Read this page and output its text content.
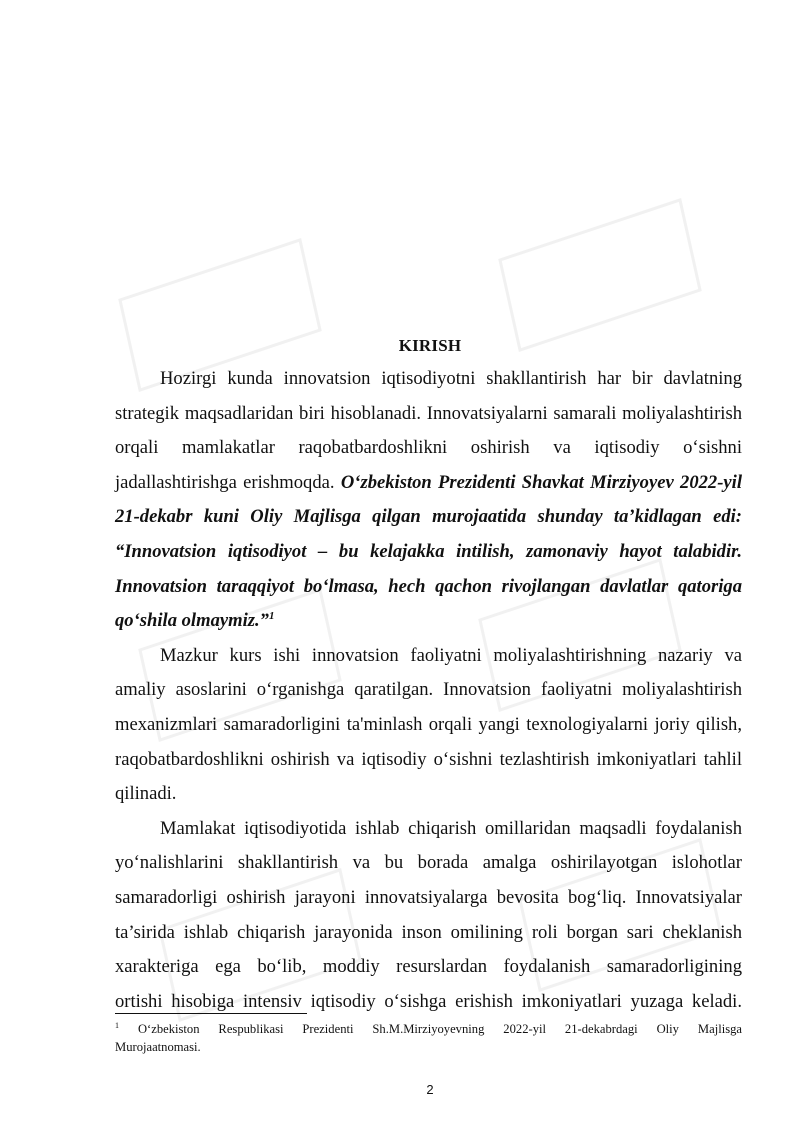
KIRISH
Hozirgi kunda innovatsion iqtisodiyotni shakllantirish har bir davlatning
strategik maqsadlaridan biri hisoblanadi. Innovatsiyalarni samarali moliyalashtirish
orqali mamlakatlar raqobatbardoshlikni oshirish va iqtisodiy o‘sishni
jadallashtirishga erishmoqda. O‘zbekiston Prezidenti Shavkat Mirziyoyev 2022-yil
21-dekabr kuni Oliy Majlisga qilgan murojaatida shunday ta’kidlagan edi:
“Innovatsion iqtisodiyot – bu kelajakka intilish, zamonaviy hayot talabidir.
Innovatsion taraqqiyot bo‘lmasa, hech qachon rivojlangan davlatlar qatoriga
qo‘shila olmaymiz.”$^1$
Mazkur kurs ishi innovatsion faoliyatni moliyalashtirishning nazariy va
amaliy asoslarini o‘rganishga qaratilgan. Innovatsion faoliyatni moliyalashtirish
mexanizmlari samaradorligini ta'minlash orqali yangi texnologiyalarni joriy qilish,
raqobatbardoshlikni oshirish va iqtisodiy o‘sishni tezlashtirish imkoniyatlari tahlil
qilinadi.
Mamlakat iqtisodiyotida ishlab chiqarish omillaridan maqsadli foydalanish
yo‘nalishlarini shakllantirish va bu borada amalga oshirilayotgan islohotlar
samaradorligi oshirish jarayoni innovatsiyalarga bevosita bog‘liq. Innovatsiyalar
ta’sirida ishlab chiqarish jarayonida inson omilining roli borgan sari cheklanish
xarakteriga ega bo‘lib, moddiy resurslardan foydalanish samaradorligining
ortishi hisobiga intensiv iqtisodiy o‘sishga erishish imkoniyatlari yuzaga keladi.
$^1$ O‘zbekiston Respublikasi Prezidenti Sh.M.Mirziyoyevning 2022-yil 21-dekabrdagi Oliy Majlisga
Murojaatnomasi.
2
